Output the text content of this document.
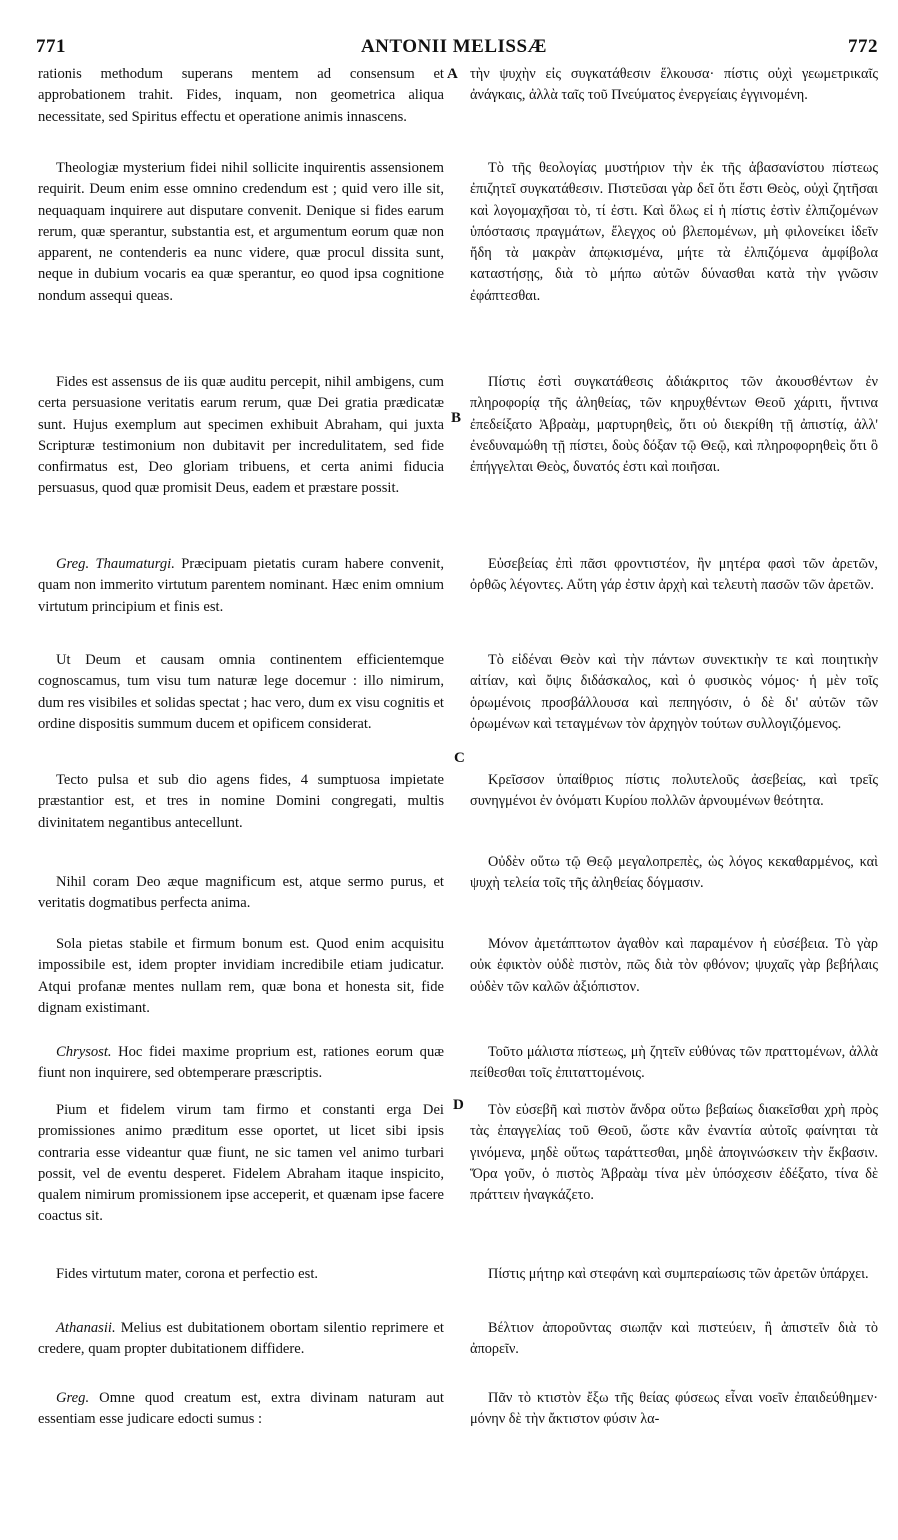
771	ANTONII MELISSÆ	772
A
B
C
D
rationis methodum superans mentem ad consensum et approbationem trahit. Fides, inquam, non geometrica aliqua necessitate, sed Spiritus effectu et operatione animis innascens.
Theologiæ mysterium fidei nihil sollicite inquirentis assensionem requirit. Deum enim esse omnino credendum est ; quid vero ille sit, nequaquam inquirere aut disputare convenit. Denique si fides earum rerum, quæ sperantur, substantia est, et argumentum eorum quæ non apparent, ne contenderis ea nunc videre, quæ procul dissita sunt, neque in dubium vocaris ea quæ sperantur, eo quod ipsa cognitione nondum assequi queas.
Fides est assensus de iis quæ auditu percepit, nihil ambigens, cum certa persuasione veritatis earum rerum, quæ Dei gratia prædicatæ sunt. Hujus exemplum aut specimen exhibuit Abraham, qui juxta Scripturæ testimonium non dubitavit per incredulitatem, sed fide confirmatus est, Deo gloriam tribuens, et certa animi fiducia persuasus, quod quæ promisit Deus, eadem et præstare possit.
Greg. Thaumaturgi. Præcipuam pietatis curam habere convenit, quam non immerito virtutum parentem nominant. Hæc enim omnium virtutum principium et finis est.
Ut Deum et causam omnia continentem efficientemque cognoscamus, tum visu tum naturæ lege docemur : illo nimirum, dum res visibiles et solidas spectat ; hac vero, dum ex visu cognitis et ordine dispositis summum ducem et opificem considerat.
Tecto pulsa et sub dio agens fides, 4 sumptuosa impietate præstantior est, et tres in nomine Domini congregati, multis divinitatem negantibus antecellunt.
Nihil coram Deo æque magnificum est, atque sermo purus, et veritatis dogmatibus perfecta anima.
Sola pietas stabile et firmum bonum est. Quod enim acquisitu impossibile est, idem propter invidiam incredibile etiam judicatur. Atqui profanæ mentes nullam rem, quæ bona et honesta sit, fide dignam existimant.
Chrysost. Hoc fidei maxime proprium est, rationes eorum quæ fiunt non inquirere, sed obtemperare præscriptis.
Pium et fidelem virum tam firmo et constanti erga Dei promissiones animo præditum esse oportet, ut licet sibi ipsis contraria esse videantur quæ fiunt, ne sic tamen vel animo turbari possit, vel de eventu desperet. Fidelem Abraham itaque inspicito, qualem nimirum promissionem ipse acceperit, et quænam ipse facere coactus sit.
Fides virtutum mater, corona et perfectio est.
Athanasii. Melius est dubitationem obortam silentio reprimere et credere, quam propter dubitationem diffidere.
Greg. Omne quod creatum est, extra divinam naturam aut essentiam esse judicare edocti sumus :
τὴν ψυχὴν εἰς συγκατάθεσιν ἕλκουσα· πίστις οὐχὶ γεωμετρικαῖς ἀνάγκαις, ἀλλὰ ταῖς τοῦ Πνεύματος ἐνεργείαις ἐγγινομένη.
Τὸ τῆς θεολογίας μυστήριον τὴν ἐκ τῆς ἀβασανίστου πίστεως ἐπιζητεῖ συγκατάθεσιν. Πιστεῦσαι γὰρ δεῖ ὅτι ἔστι Θεὸς, οὐχὶ ζητῆσαι καὶ λογομαχῆσαι τὸ, τί ἐστι. Καὶ ὅλως εἰ ἡ πίστις ἐστὶν ἐλπιζομένων ὑπόστασις πραγμάτων, ἔλεγχος οὐ βλεπομένων, μὴ φιλονείκει ἰδεῖν ἤδη τὰ μακρὰν ἀπῳκισμένα, μήτε τὰ ἐλπιζόμενα ἀμφίβολα καταστήσῃς, διὰ τὸ μήπω αὐτῶν δύνασθαι κατὰ τὴν γνῶσιν ἐφάπτεσθαι.
Πίστις ἐστὶ συγκατάθεσις ἀδιάκριτος τῶν ἀκουσθέντων ἐν πληροφορίᾳ τῆς ἀληθείας, τῶν κηρυχθέντων Θεοῦ χάριτι, ἥντινα ἐπεδείξατο Ἀβραὰμ, μαρτυρηθεὶς, ὅτι οὐ διεκρίθη τῇ ἀπιστίᾳ, ἀλλ' ἐνεδυναμώθη τῇ πίστει, δοὺς δόξαν τῷ Θεῷ, καὶ πληροφορηθεὶς ὅτι ὃ ἐπήγγελται Θεὸς, δυνατός ἐστι καὶ ποιῆσαι.
Εὐσεβείας ἐπὶ πᾶσι φροντιστέον, ἣν μητέρα φασὶ τῶν ἀρετῶν, ὀρθῶς λέγοντες. Αὕτη γάρ ἐστιν ἀρχὴ καὶ τελευτὴ πασῶν τῶν ἀρετῶν.
Τὸ εἰδέναι Θεὸν καὶ τὴν πάντων συνεκτικὴν τε καὶ ποιητικὴν αἰτίαν, καὶ ὄψις διδάσκαλος, καὶ ὁ φυσικὸς νόμος· ἡ μὲν τοῖς ὁρωμένοις προσβάλλουσα καὶ πεπηγόσιν, ὁ δὲ δι' αὐτῶν τῶν ὁρωμένων καὶ τεταγμένων τὸν ἀρχηγὸν τούτων συλλογιζόμενος.
Κρεῖσσον ὑπαίθριος πίστις πολυτελοῦς ἀσεβείας, καὶ τρεῖς συνηγμένοι ἐν ὀνόματι Κυρίου πολλῶν ἀρνουμένων θεότητα.
Οὐδὲν οὕτω τῷ Θεῷ μεγαλοπρεπὲς, ὡς λόγος κεκαθαρμένος, καὶ ψυχὴ τελεία τοῖς τῆς ἀληθείας δόγμασιν.
Μόνον ἀμετάπτωτον ἀγαθὸν καὶ παραμένον ἡ εὐσέβεια. Τὸ γὰρ οὐκ ἐφικτὸν οὐδὲ πιστὸν, πῶς διὰ τὸν φθόνον; ψυχαῖς γὰρ βεβήλαις οὐδὲν τῶν καλῶν ἀξιόπιστον.
Τοῦτο μάλιστα πίστεως, μὴ ζητεῖν εὐθύνας τῶν πραττομένων, ἀλλὰ πείθεσθαι τοῖς ἐπιταττομένοις.
Τὸν εὐσεβῆ καὶ πιστὸν ἄνδρα οὕτω βεβαίως διακεῖσθαι χρὴ πρὸς τὰς ἐπαγγελίας τοῦ Θεοῦ, ὥστε κἂν ἐναντία αὐτοῖς φαίνηται τὰ γινόμενα, μηδὲ οὕτως ταράττεσθαι, μηδὲ ἀπογινώσκειν τὴν ἔκβασιν. Ὅρα γοῦν, ὁ πιστὸς Ἀβραὰμ τίνα μὲν ὑπόσχεσιν ἐδέξατο, τίνα δὲ πράττειν ἠναγκάζετο.
Πίστις μήτηρ καὶ στεφάνη καὶ συμπεραίωσις τῶν ἀρετῶν ὑπάρχει.
Βέλτιον ἀποροῦντας σιωπᾷν καὶ πιστεύειν, ἢ ἀπιστεῖν διὰ τὸ ἀπορεῖν.
Πᾶν τὸ κτιστὸν ἔξω τῆς θείας φύσεως εἶναι νοεῖν ἐπαιδεύθημεν· μόνην δὲ τὴν ἄκτιστον φύσιν λα-
